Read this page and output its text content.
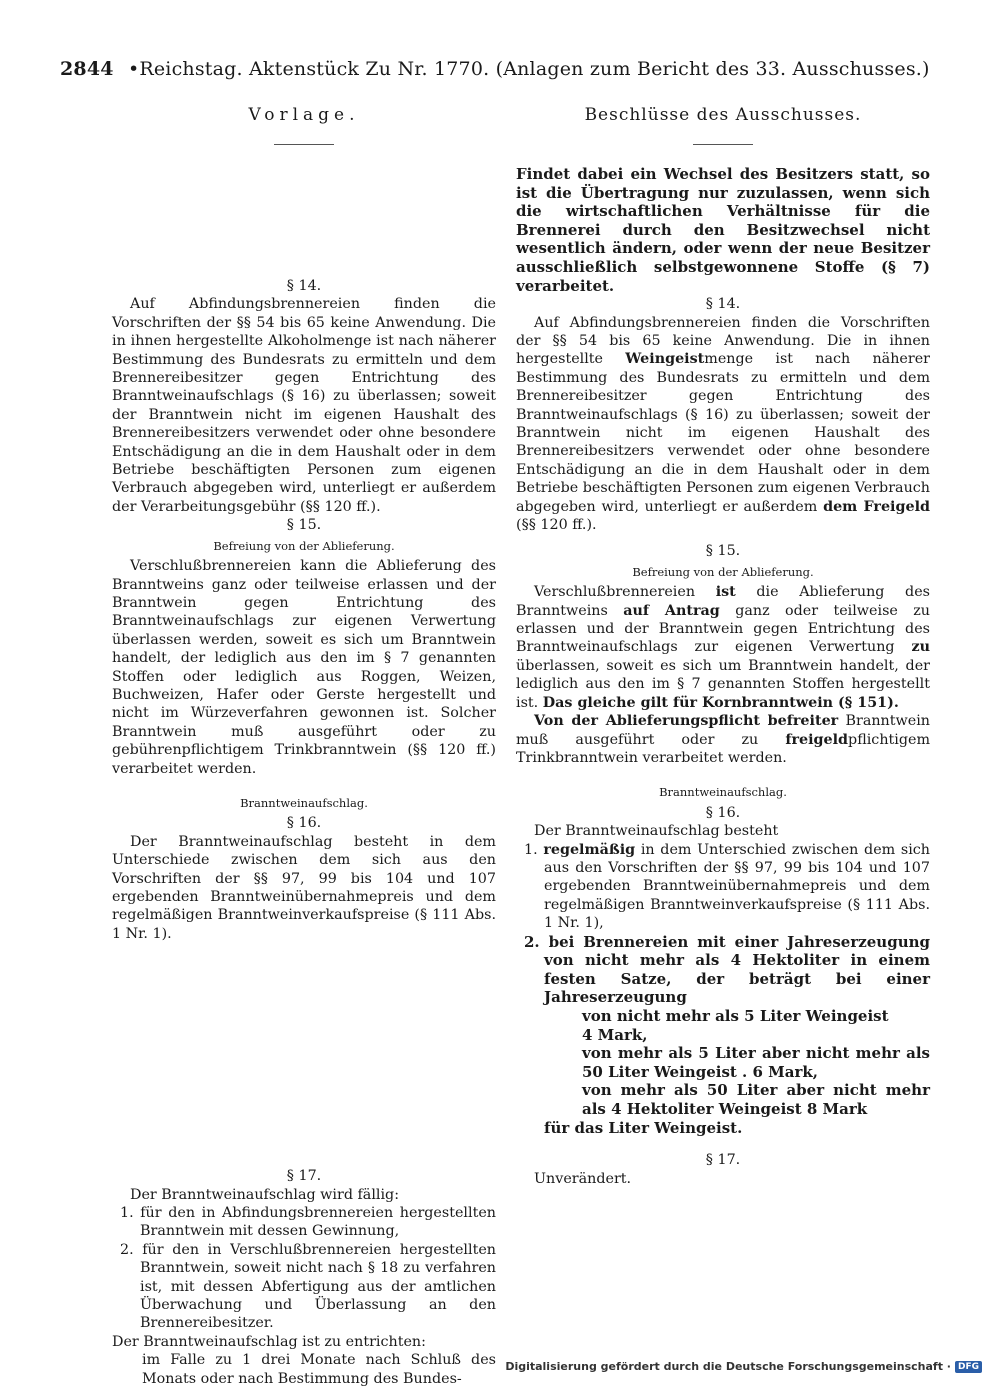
2844 •Reichstag. Aktenstück Zu Nr. 1770. (Anlagen zum Bericht des 33. Ausschusses.)
Vorlage.
§ 14.

Auf Abfindungsbrennereien finden die Vorschriften der §§ 54 bis 65 keine Anwendung. Die in ihnen hergestellte Alkoholmenge ist nach näherer Bestimmung des Bundesrats zu ermitteln und dem Brennereibesitzer gegen Entrichtung des Branntweinaufschlags (§ 16) zu überlassen; soweit der Branntwein nicht im eigenen Haushalt des Brennereibesitzers verwendet oder ohne besondere Entschädigung an die in dem Haushalt oder in dem Betriebe beschäftigten Personen zum eigenen Verbrauch abgegeben wird, unterliegt er außerdem der Verarbeitungsgebühr (§§ 120 ff.).

§ 15.
Befreiung von der Ablieferung.

Verschlußbrennereien kann die Ablieferung des Branntweins ganz oder teilweise erlassen und der Branntwein gegen Entrichtung des Branntweinaufschlags zur eigenen Verwertung überlassen werden, soweit es sich um Branntwein handelt, der lediglich aus den im § 7 genannten Stoffen oder lediglich aus Roggen, Weizen, Buchweizen, Hafer oder Gerste hergestellt und nicht im Würzeverfahren gewonnen ist. Solcher Branntwein muß ausgeführt oder zu gebührenpflichtigem Trinkbranntwein (§§ 120 ff.) verarbeitet werden.

Branntweinaufschlag.
§ 16.

Der Branntweinaufschlag besteht in dem Unterschiede zwischen dem sich aus den Vorschriften der §§ 97, 99 bis 104 und 107 ergebenden Branntweinübernahmepreis und dem regelmäßigen Branntweinverkaufspreise (§ 111 Abs. 1 Nr. 1).

§ 17.

Der Branntweinaufschlag wird fällig:

1. für den in Abfindungsbrennereien hergestellten Branntwein mit dessen Gewinnung,
2. für den in Verschlußbrennereien hergestellten Branntwein, soweit nicht nach § 18 zu verfahren ist, mit dessen Abfertigung aus der amtlichen Überwachung und Überlassung an den Brennereibesitzer.

Der Branntweinaufschlag ist zu entrichten:

im Falle zu 1 drei Monate nach Schluß des Monats oder nach Bestimmung des Bundes-

Beschlüsse des Ausschusses.

Findet dabei ein Wechsel des Besitzers statt, so ist die Übertragung nur zuzulassen, wenn sich die wirtschaftlichen Verhältnisse für die Brennerei durch den Besitzwechsel nicht wesentlich ändern, oder wenn der neue Besitzer ausschließlich selbstgewonnene Stoffe (§ 7) verarbeitet.

§ 14.

Auf Abfindungsbrennereien finden die Vorschriften der §§ 54 bis 65 keine Anwendung. Die in ihnen hergestellte Weingeistmenge ist nach näherer Bestimmung des Bundesrats zu ermitteln und dem Brennereibesitzer gegen Entrichtung des Branntweinaufschlags (§ 16) zu überlassen; soweit der Branntwein nicht im eigenen Haushalt des Brennereibesitzers verwendet oder ohne besondere Entschädigung an die in dem Haushalt oder in dem Betriebe beschäftigten Personen zum eigenen Verbrauch abgegeben wird, unterliegt er außerdem dem Freigeld (§§ 120 ff.).

§ 15.
Befreiung von der Ablieferung.

Verschlußbrennereien ist die Ablieferung des Branntweins auf Antrag ganz oder teilweise zu erlassen und der Branntwein gegen Entrichtung des Branntweinaufschlags zur eigenen Verwertung zu überlassen, soweit es sich um Branntwein handelt, der lediglich aus den im § 7 genannten Stoffen hergestellt ist. Das gleiche gilt für Kornbranntwein (§ 151).

Von der Ablieferungspflicht befreiter Branntwein muß ausgeführt oder zu freigeldpflichtigem Trinkbranntwein verarbeitet werden.

Branntweinaufschlag.
§ 16.

Der Branntweinaufschlag besteht

1. regelmäßig in dem Unterschied zwischen dem sich aus den Vorschriften der §§ 97, 99 bis 104 und 107 ergebenden Branntweinübernahmepreis und dem regelmäßigen Branntweinverkaufspreise (§ 111 Abs. 1 Nr. 1),
2. bei Brennereien mit einer Jahreserzeugung von nicht mehr als 4 Hektoliter in einem festen Satze, der beträgt bei einer Jahreserzeugung
von nicht mehr als 5 Liter Weingeist
4 Mark,
von mehr als 5 Liter aber nicht mehr als 50 Liter Weingeist . 6 Mark,
von mehr als 50 Liter aber nicht mehr als 4 Hektoliter Weingeist 8 Mark

für das Liter Weingeist.

§ 17.

Unverändert.

Digitalisierung gefördert durch die Deutsche Forschungsgemeinschaft · DFG
